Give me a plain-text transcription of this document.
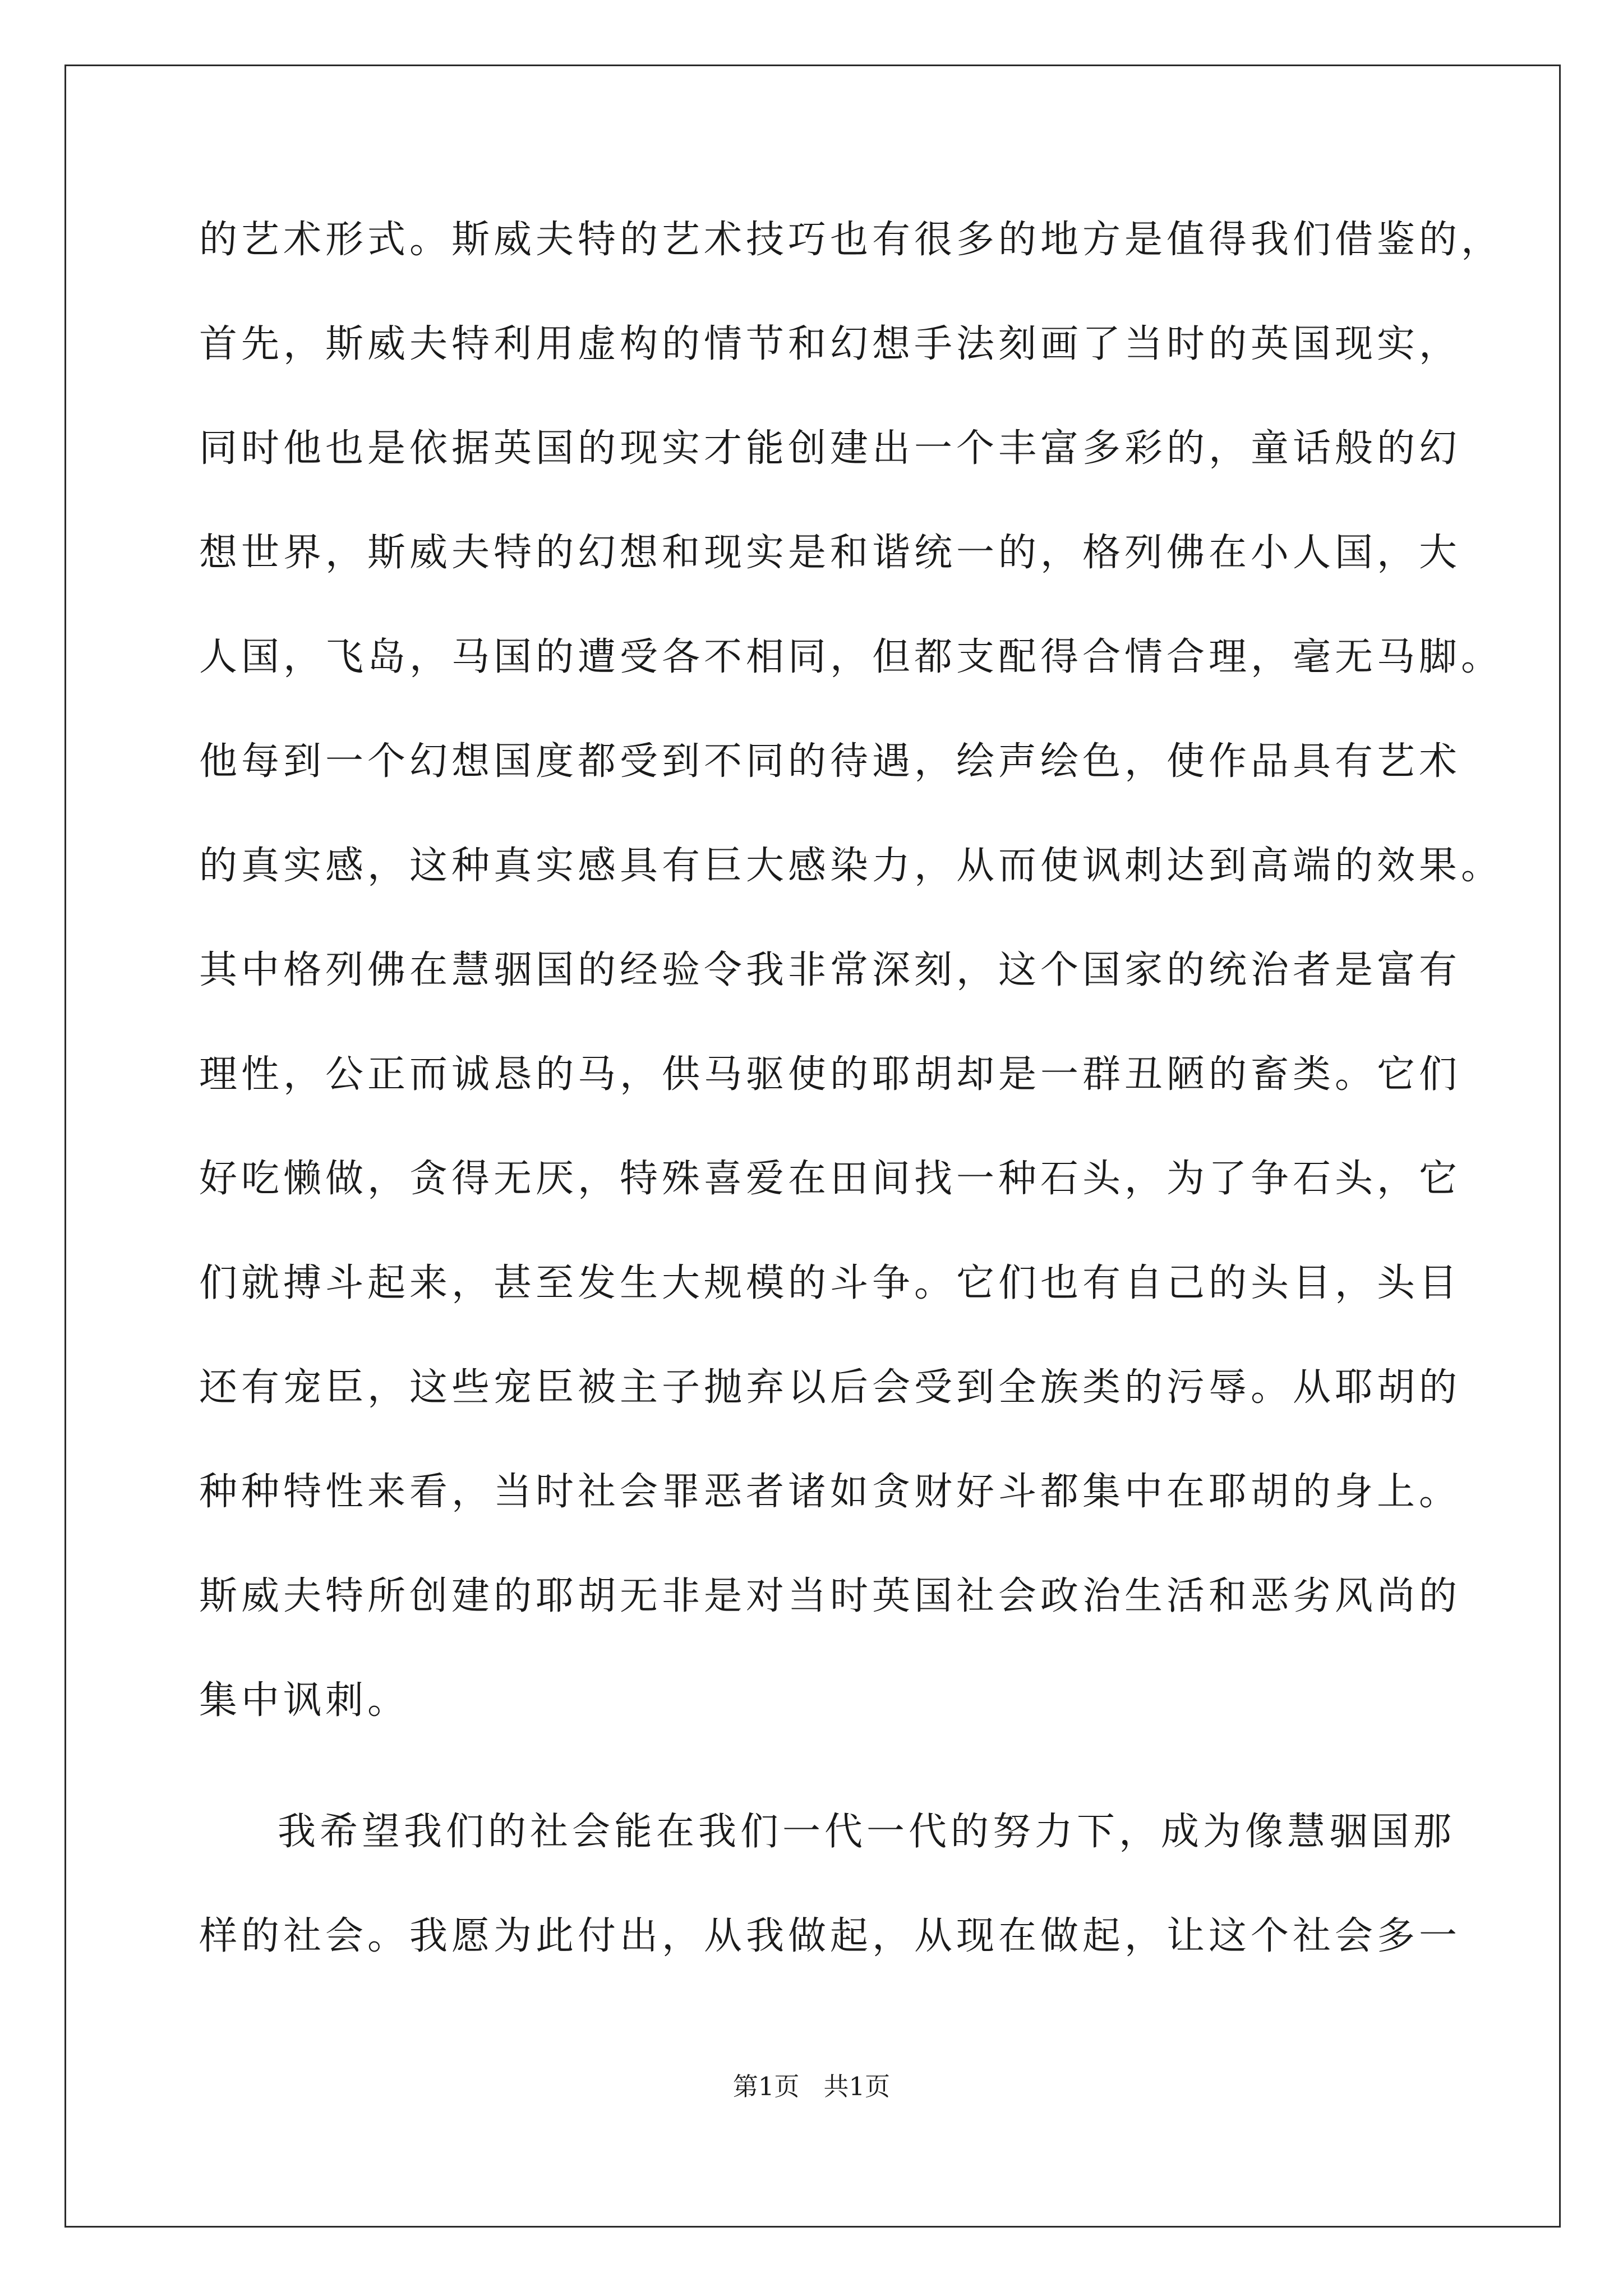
的艺术形式。斯威夫特的艺术技巧也有很多的地方是值得我们借鉴的，
首先，斯威夫特利用虚构的情节和幻想手法刻画了当时的英国现实，
同时他也是依据英国的现实才能创建出一个丰富多彩的，童话般的幻
想世界，斯威夫特的幻想和现实是和谐统一的，格列佛在小人国，大
人国，飞岛，马国的遭受各不相同，但都支配得合情合理，毫无马脚。
他每到一个幻想国度都受到不同的待遇，绘声绘色，使作品具有艺术
的真实感，这种真实感具有巨大感染力，从而使讽刺达到高端的效果。
其中格列佛在慧骃国的经验令我非常深刻，这个国家的统治者是富有
理性，公正而诚恳的马，供马驱使的耶胡却是一群丑陋的畜类。它们
好吃懒做，贪得无厌，特殊喜爱在田间找一种石头，为了争石头，它
们就搏斗起来，甚至发生大规模的斗争。它们也有自己的头目，头目
还有宠臣，这些宠臣被主子抛弃以后会受到全族类的污辱。从耶胡的
种种特性来看，当时社会罪恶者诸如贪财好斗都集中在耶胡的身上。
斯威夫特所创建的耶胡无非是对当时英国社会政治生活和恶劣风尚的
集中讽刺。
我希望我们的社会能在我们一代一代的努力下，成为像慧骃国那
样的社会。我愿为此付出，从我做起，从现在做起，让这个社会多一
第1页   共1页
